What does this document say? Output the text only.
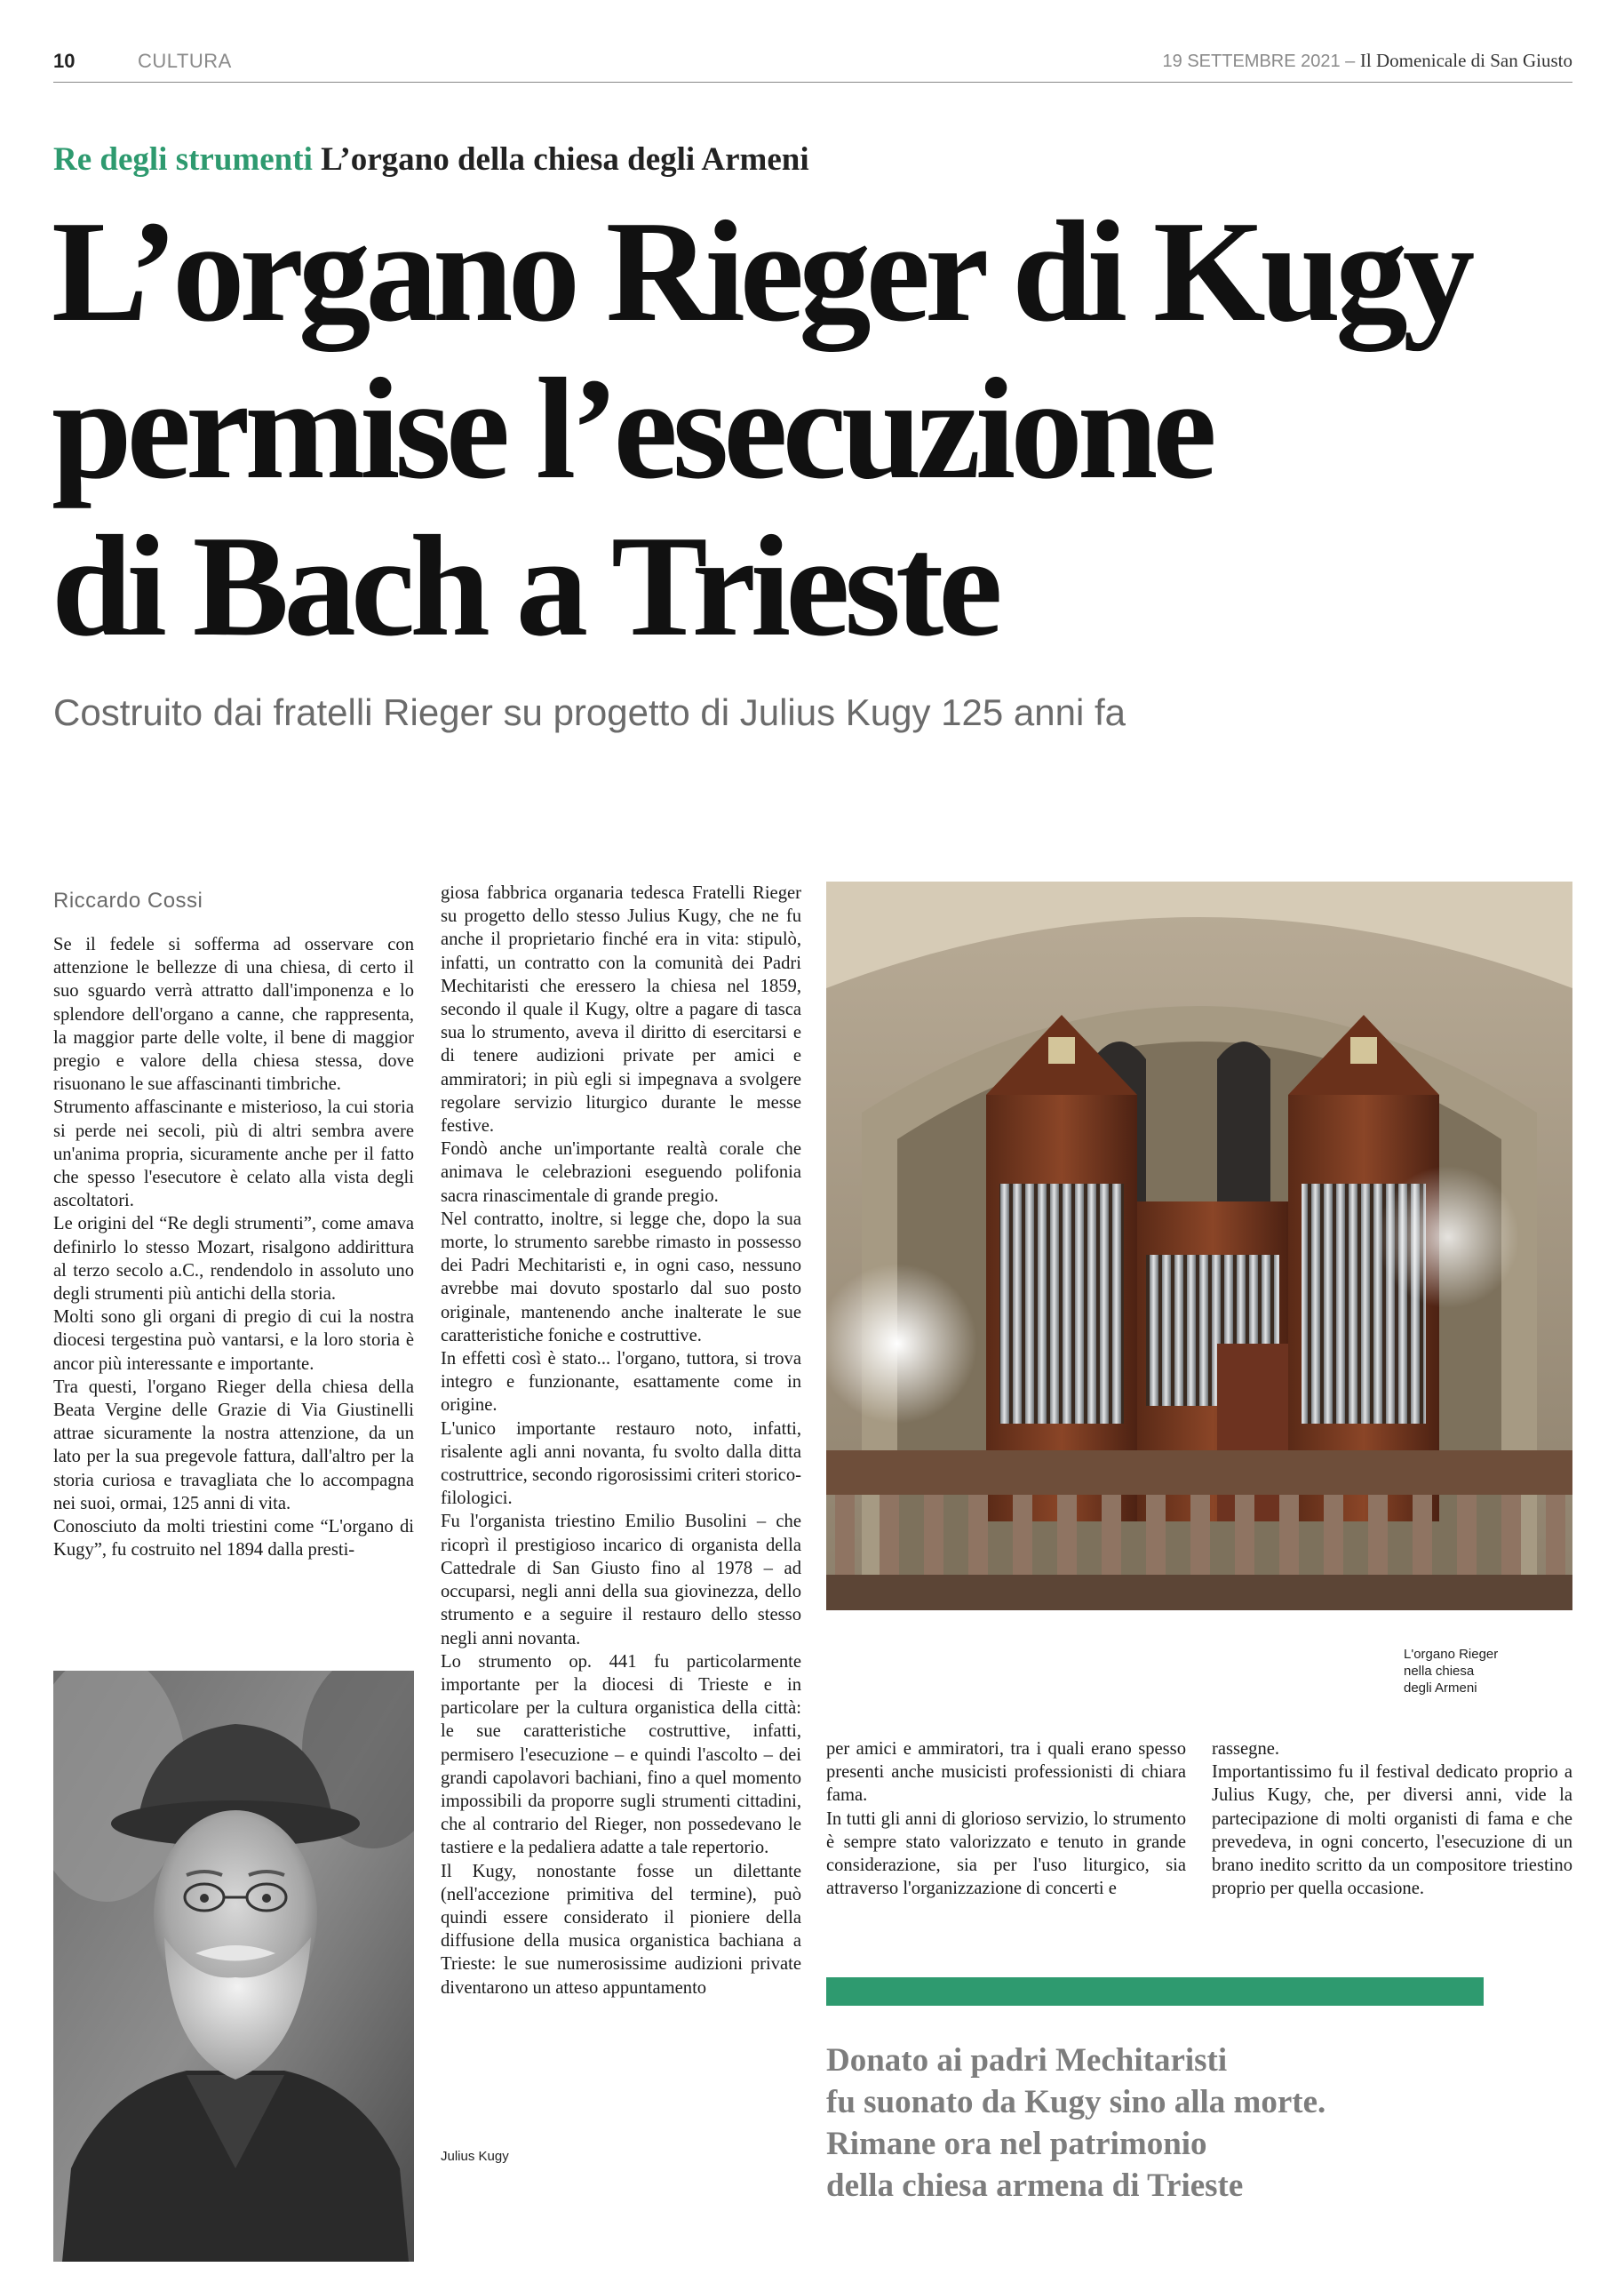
10	CULTURA	19 SETTEMBRE 2021 – Il Domenicale di San Giusto
Re degli strumenti L’organo della chiesa degli Armeni
L’organo Rieger di Kugy
permise l’esecuzione
di Bach a Trieste
Costruito dai fratelli Rieger su progetto di Julius Kugy 125 anni fa
Riccardo Cossi

Se il fedele si sofferma ad osservare con attenzione le bellezze di una chiesa, di certo il suo sguardo verrà attratto dall'imponenza e lo splendore dell'organo a canne, che rappresenta, la maggior parte delle volte, il bene di maggior pregio e valore della chiesa stessa, dove risuonano le sue affascinanti timbriche.

Strumento affascinante e misterioso, la cui storia si perde nei secoli, più di altri sembra avere un'anima propria, sicuramente anche per il fatto che spesso l'esecutore è celato alla vista degli ascoltatori.

Le origini del “Re degli strumenti”, come amava definirlo lo stesso Mozart, risalgono addirittura al terzo secolo a.C., rendendolo in assoluto uno degli strumenti più antichi della storia.

Molti sono gli organi di pregio di cui la nostra diocesi tergestina può vantarsi, e la loro storia è ancor più interessante e importante.

Tra questi, l'organo Rieger della chiesa della Beata Vergine delle Grazie di Via Giustinelli attrae sicuramente la nostra attenzione, da un lato per la sua pregevole fattura, dall'altro per la storia curiosa e travagliata che lo accompagna nei suoi, ormai, 125 anni di vita.

Conosciuto da molti triestini come “L'organo di Kugy”, fu costruito nel 1894 dalla presti-

giosa fabbrica organaria tedesca Fratelli Rieger su progetto dello stesso Julius Kugy, che ne fu anche il proprietario finché era in vita: stipulò, infatti, un contratto con la comunità dei Padri Mechitaristi che eressero la chiesa nel 1859, secondo il quale il Kugy, oltre a pagare di tasca sua lo strumento, aveva il diritto di esercitarsi e di tenere audizioni private per amici e ammiratori; in più egli si impegnava a svolgere regolare servizio liturgico durante le messe festive.

Fondò anche un'importante realtà corale che animava le celebrazioni eseguendo polifonia sacra rinascimentale di grande pregio.

Nel contratto, inoltre, si legge che, dopo la sua morte, lo strumento sarebbe rimasto in possesso dei Padri Mechitaristi e, in ogni caso, nessuno avrebbe mai dovuto spostarlo dal suo posto originale, mantenendo anche inalterate le sue caratteristiche foniche e costruttive.

In effetti così è stato... l'organo, tuttora, si trova integro e funzionante, esattamente come in origine.

L'unico importante restauro noto, infatti, risalente agli anni novanta, fu svolto dalla ditta costruttrice, secondo rigorosissimi criteri storico-filologici.

Fu l'organista triestino Emilio Busolini – che ricoprì il prestigioso incarico di organista della Cattedrale di San Giusto fino al 1978 – ad occuparsi, negli anni della sua giovinezza, dello strumento e a seguire il restauro dello stesso negli anni novanta.

Lo strumento op. 441 fu particolarmente importante per la diocesi di Trieste e in particolare per la cultura organistica della città: le sue caratteristiche costruttive, infatti, permisero l'esecuzione – e quindi l'ascolto – dei grandi capolavori bachiani, fino a quel momento impossibili da proporre sugli strumenti cittadini, che al contrario del Rieger, non possedevano le tastiere e la pedaliera adatte a tale repertorio.

Il Kugy, nonostante fosse un dilettante (nell'accezione primitiva del termine), può quindi essere considerato il pioniere della diffusione della musica organistica bachiana a Trieste: le sue numerosissime audizioni private diventarono un atteso appuntamento

Julius Kugy
L'organo Rieger
nella chiesa
degli Armeni

per amici e ammiratori, tra i quali erano spesso presenti anche musicisti professionisti di chiara fama.

In tutti gli anni di glorioso servizio, lo strumento è sempre stato valorizzato e tenuto in grande considerazione, sia per l'uso liturgico, sia attraverso l'organizzazione di concerti e

rassegne.

Importantissimo fu il festival dedicato proprio a Julius Kugy, che, per diversi anni, vide la partecipazione di molti organisti di fama e che prevedeva, in ogni concerto, l'esecuzione di un brano inedito scritto da un compositore triestino proprio per quella occasione.

Donato ai padri Mechitaristi
fu suonato da Kugy sino alla morte.
Rimane ora nel patrimonio
della chiesa armena di Trieste
